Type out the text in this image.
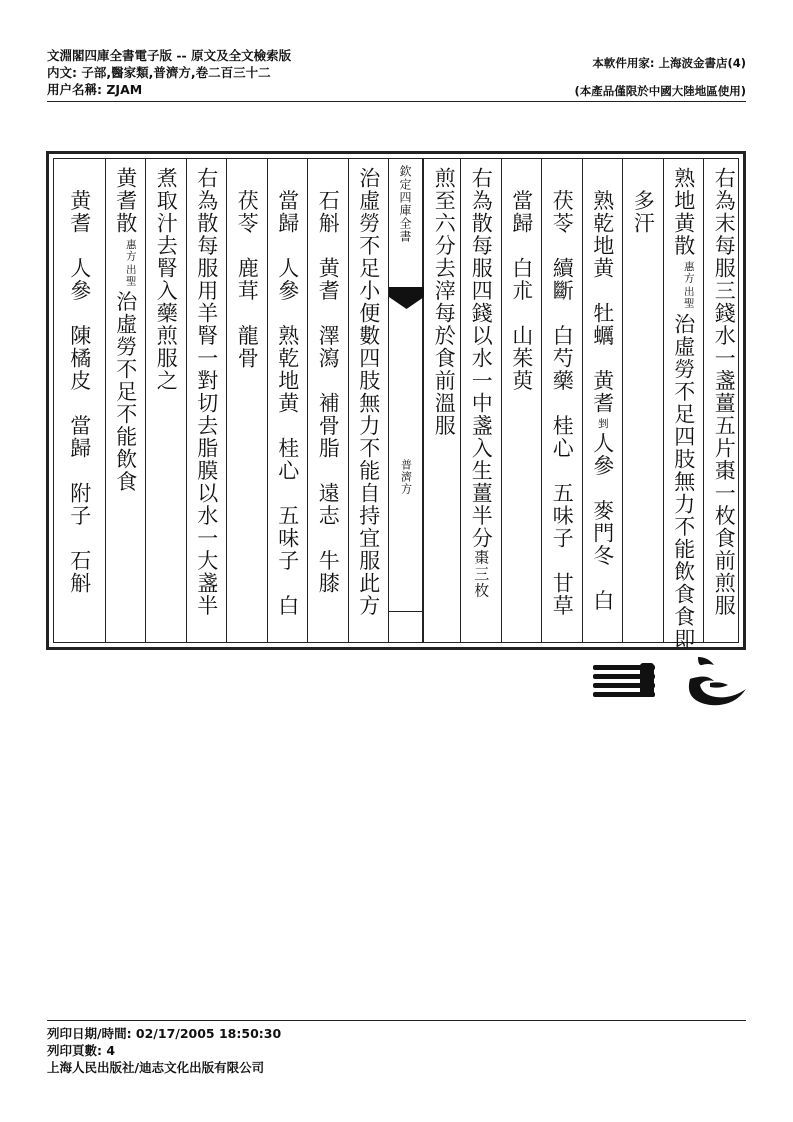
文淵閣四庫全書電子版 -- 原文及全文檢索版
内文: 子部,醫家類,普濟方,卷二百三十二
用户名稱: ZJAM
本軟件用家: 上海波金書店(4)
(本產品僅限於中國大陸地區使用)
右為末每服三錢水一盞薑五片棗一枚食前煎服
熟地黄散
出聖
惠方
治虛勞不足四肢無力不能飲食食即
　多汗
　熟乾地黄　牡蠣　黄耆剉人參　麥門冬　白
　茯苓　續斷　白芍藥　桂心　五味子　甘草
　當歸　白朮　山茱萸
右為散每服四錢以水一中盞入生薑半分棗三枚
煎至六分去滓每於食前溫服
欽定四庫全書
普濟方
治虛勞不足小便數四肢無力不能自持宜服此方
　石斛　黄耆　澤瀉　補骨脂　遠志　牛膝
　當歸　人參　熟乾地黄　桂心　五味子　白
　茯苓　鹿茸　龍骨
右為散每服用羊腎一對切去脂膜以水一大盞半
煮取汁去腎入藥煎服之
黄耆散
出聖
惠方
治虛勞不足不能飲食
　黄耆　人參　陳橘皮　當歸　附子　石斛
列印日期/時間: 02/17/2005 18:50:30
列印頁數: 4
上海人民出版社/迪志文化出版有限公司
